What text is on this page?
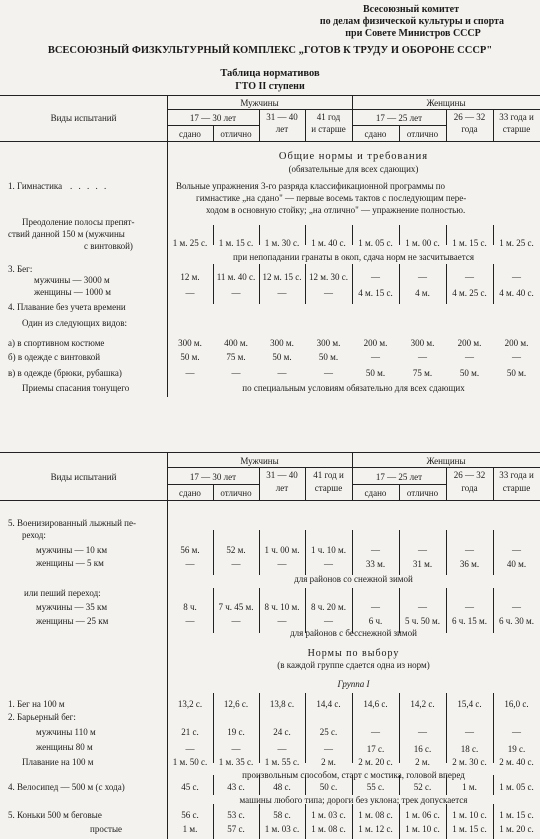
Всесоюзный комитет
по делам физической культуры и спорта
при Совете Министров СССР
ВСЕСОЮЗНЫЙ ФИЗКУЛЬТУРНЫЙ КОМПЛЕКС „ГОТОВ К ТРУДУ И ОБОРОНЕ СССР"
Таблица нормативов
ГТО II ступени
Виды испытаний
Мужчины	Женщины
17 — 30 лет	31 — 40
лет
41 год
и старше
17 — 25 лет	26 — 32
года
33 года и
старше
сдано	отлично	сдано	отлично
Общие нормы и требования
(обязательные для всех сдающих)
1. Гимнастика . . . . .	Вольные упражнения 3-го разряда классификационной программы по
гимнастике „на сдано" — первые восемь тактов с последующим пере-
ходом в основную стойку; „на отлично" — упражнение полностью.
Преодоление полосы препят-
ствий данной 150 м (мужчины
с винтовкой)	1 м. 25 с.	1 м. 15 с.	1 м. 30 с.	1 м. 40 с.	1 м. 05 с.	1 м. 00 с.	1 м. 15 с.	1 м. 25 с.
при непопадании гранаты в окоп, сдача норм не засчитывается
3. Бег:
мужчины — 3000 м	12 м.	11 м. 40 с. 12 м. 15 с. 12 м. 30 с.	—	—	—	—
женщины — 1000 м	—	—	—	—	4 м. 15 с.	4 м.	4 м. 25 с.	4 м. 40 с.
4. Плавание без учета времени
Один из следующих видов:
а) в спортивном костюме	300 м.	400 м.	300 м.	300 м.	200 м.	300 м.	200 м.	200 м.
б) в одежде с винтовкой	50 м.	75 м.	50 м.	50 м.	—	—	—	—
в) в одежде (брюки, рубашка)	—	—	—	—	50 м.	75 м.	50 м.	50 м.
Приемы спасания тонущего	по специальным условиям обязательно для всех сдающих
Виды испытаний
Мужчины	Женщины
17 — 30 лет	31 — 40
лет
41 год и
старше
17 — 25 лет	26 — 32
года
33 года и
старше
сдано	отлично	сдано	отлично
5. Военизированный лыжный пе-
реход:
мужчины — 10 км	56 м.	52 м.	1 ч. 00 м.	1 ч. 10 м.	—	—	—	—
женщины — 5 км	—	—	—	—	33 м.	31 м.	36 м.	40 м.
для районов со снежной зимой
или пеший переход:
мужчины — 35 км	8 ч.	7 ч. 45 м.	8 ч. 10 м.	8 ч. 20 м.	—	—	—	—
женщины — 25 км	—	—	—	—	6 ч.	5 ч. 50 м.	6 ч. 15 м.	6 ч. 30 м.
для районов с бесснежной зимой
Нормы по выбору
(в каждой группе сдается одна из норм)
Группа I
1. Бег на 100 м	13,2 с.	12,6 с.	13,8 с.	14,4 с.	14,6 с.	14,2 с.	15,4 с.	16,0 с.
2. Барьерный бег:
мужчины 110 м	21 с.	19 с.	24 с.	25 с.	—	—	—	—
женщины 80 м	—	—	—	—	17 с.	16 с.	18 с.	19 с.
Плавание на 100 м	1 м. 50 с.	1 м. 35 с.	1 м. 55 с.	2 м.	2 м. 20 с.	2 м.	2 м. 30 с.	2 м. 40 с.
произвольным способом, старт с мостика, головой вперед
4. Велосипед — 500 м (с хода)	45 с.	43 с.	48 с.	50 с.	55 с.	52 с.	1 м.	1 м. 05 с.
машины любого типа; дороги без уклона; трек допускается
5. Коньки 500 м беговые	56 с.	53 с.	58 с.	1 м. 03 с.	1 м. 08 с.	1 м. 06 с.	1 м. 10 с.	1 м. 15 с.
простые	1 м.	57 с.	1 м. 03 с.	1 м. 08 с.	1 м. 12 с.	1 м. 10 с.	1 м. 15 с.	1 м. 20 с.
